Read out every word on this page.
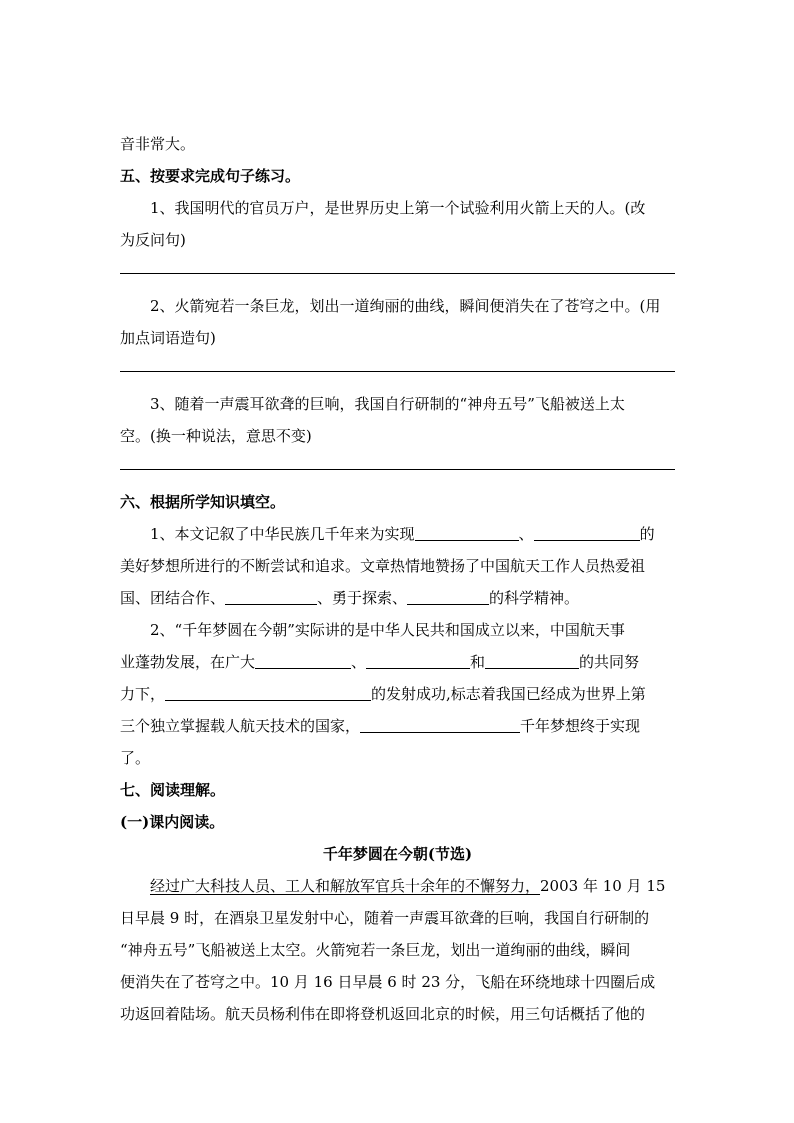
音非常大。
五、按要求完成句子练习。
1、我国明代的官员万户，是世界历史上第一个试验利用火箭上天的人。(改
为反问句)
2、火箭宛若一条巨龙，划出一道绚丽的曲线，瞬间便消失在了苍穹之中。(用
加点词语造句)
3、随着一声震耳欲聋的巨响，我国自行研制的“神舟五号”飞船被送上太
空。(换一种说法，意思不变)
六、根据所学知识填空。
1、本文记叙了中华民族几千年来为实现	、	的
美好梦想所进行的不断尝试和追求。文章热情地赞扬了中国航天工作人员热爱祖
国、团结合作、	、勇于探索、	的科学精神。
2、“千年梦圆在今朝”实际讲的是中华人民共和国成立以来，中国航天事
业蓬勃发展，在广大	、	和	的共同努
力下，	的发射成功,标志着我国已经成为世界上第
三个独立掌握载人航天技术的国家，	千年梦想终于实现
了。
七、阅读理解。
(一)课内阅读。
千年梦圆在今朝(节选)
经过广大科技人员、工人和解放军官兵十余年的不懈努力，2003 年 10 月 15
日早晨 9 时，在酒泉卫星发射中心，随着一声震耳欲聋的巨响，我国自行研制的
“神舟五号”飞船被送上太空。火箭宛若一条巨龙，划出一道绚丽的曲线，瞬间
便消失在了苍穹之中。10 月 16 日早晨 6 时 23 分，飞船在环绕地球十四圈后成
功返回着陆场。航天员杨利伟在即将登机返回北京的时候，用三句话概括了他的
